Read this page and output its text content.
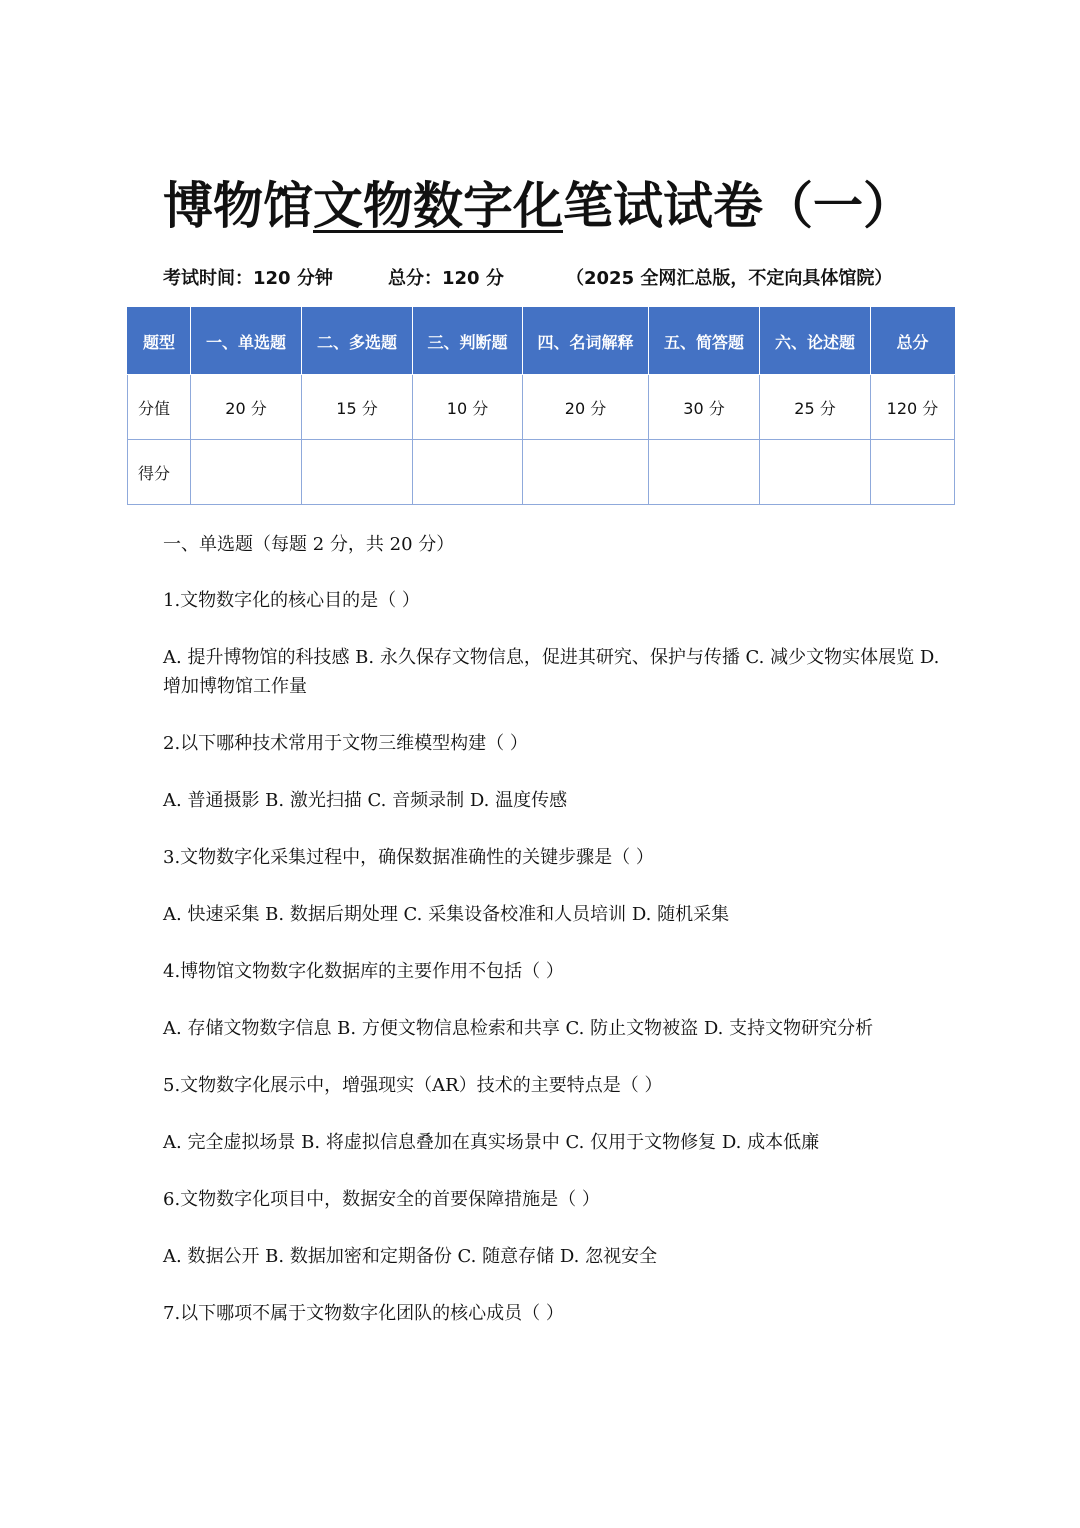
博物馆文物数字化笔试试卷（一）
考试时间：120 分钟	总分：120 分	（2025 全网汇总版，不定向具体馆院）
题型	一、单选题	二、多选题	三、判断题	四、名词解释	五、简答题	六、论述题	总分
分值	20 分	15 分	10 分	20 分	30 分	25 分	120 分
得分							

一、单选题（每题 2 分，共 20 分）

1.文物数字化的核心目的是（ ）

A. 提升博物馆的科技感 B. 永久保存文物信息，促进其研究、保护与传播 C. 减少文物实体展览 D. 增加博物馆工作量

2.以下哪种技术常用于文物三维模型构建（ ）

A. 普通摄影 B. 激光扫描 C. 音频录制 D. 温度传感

3.文物数字化采集过程中，确保数据准确性的关键步骤是（ ）

A. 快速采集 B. 数据后期处理 C. 采集设备校准和人员培训 D. 随机采集

4.博物馆文物数字化数据库的主要作用不包括（ ）

A. 存储文物数字信息 B. 方便文物信息检索和共享 C. 防止文物被盗 D. 支持文物研究分析

5.文物数字化展示中，增强现实（AR）技术的主要特点是（ ）

A. 完全虚拟场景 B. 将虚拟信息叠加在真实场景中 C. 仅用于文物修复 D. 成本低廉

6.文物数字化项目中，数据安全的首要保障措施是（ ）

A. 数据公开 B. 数据加密和定期备份 C. 随意存储 D. 忽视安全

7.以下哪项不属于文物数字化团队的核心成员（ ）
